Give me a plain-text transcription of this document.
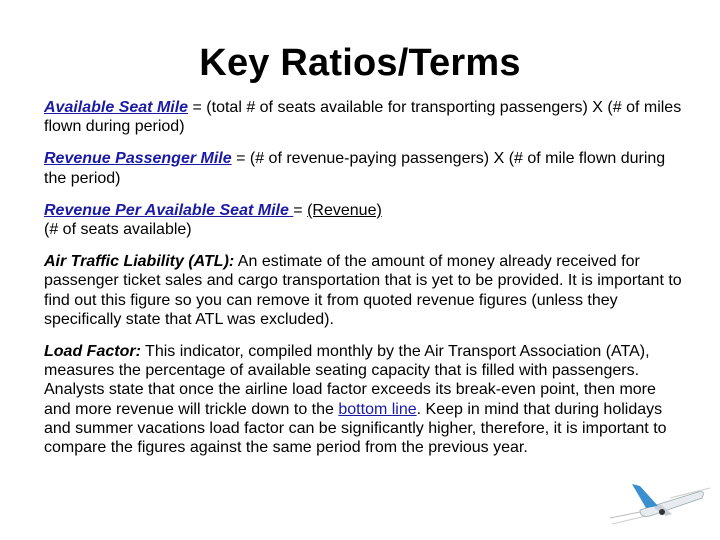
Key Ratios/Terms

Available Seat Mile = (total # of seats available for transporting passengers) X (# of miles flown during period)

Revenue Passenger Mile = (# of revenue-paying passengers) X (# of mile flown during the period)

Revenue Per Available Seat Mile = (Revenue)
(# of seats available)

Air Traffic Liability (ATL): An estimate of the amount of money already received for passenger ticket sales and cargo transportation that is yet to be provided. It is important to find out this figure so you can remove it from quoted revenue figures (unless they specifically state that ATL was excluded).

Load Factor: This indicator, compiled monthly by the Air Transport Association (ATA), measures the percentage of available seating capacity that is filled with passengers. Analysts state that once the airline load factor exceeds its break-even point, then more and more revenue will trickle down to the bottom line. Keep in mind that during holidays and summer vacations load factor can be significantly higher, therefore, it is important to compare the figures against the same period from the previous year.
